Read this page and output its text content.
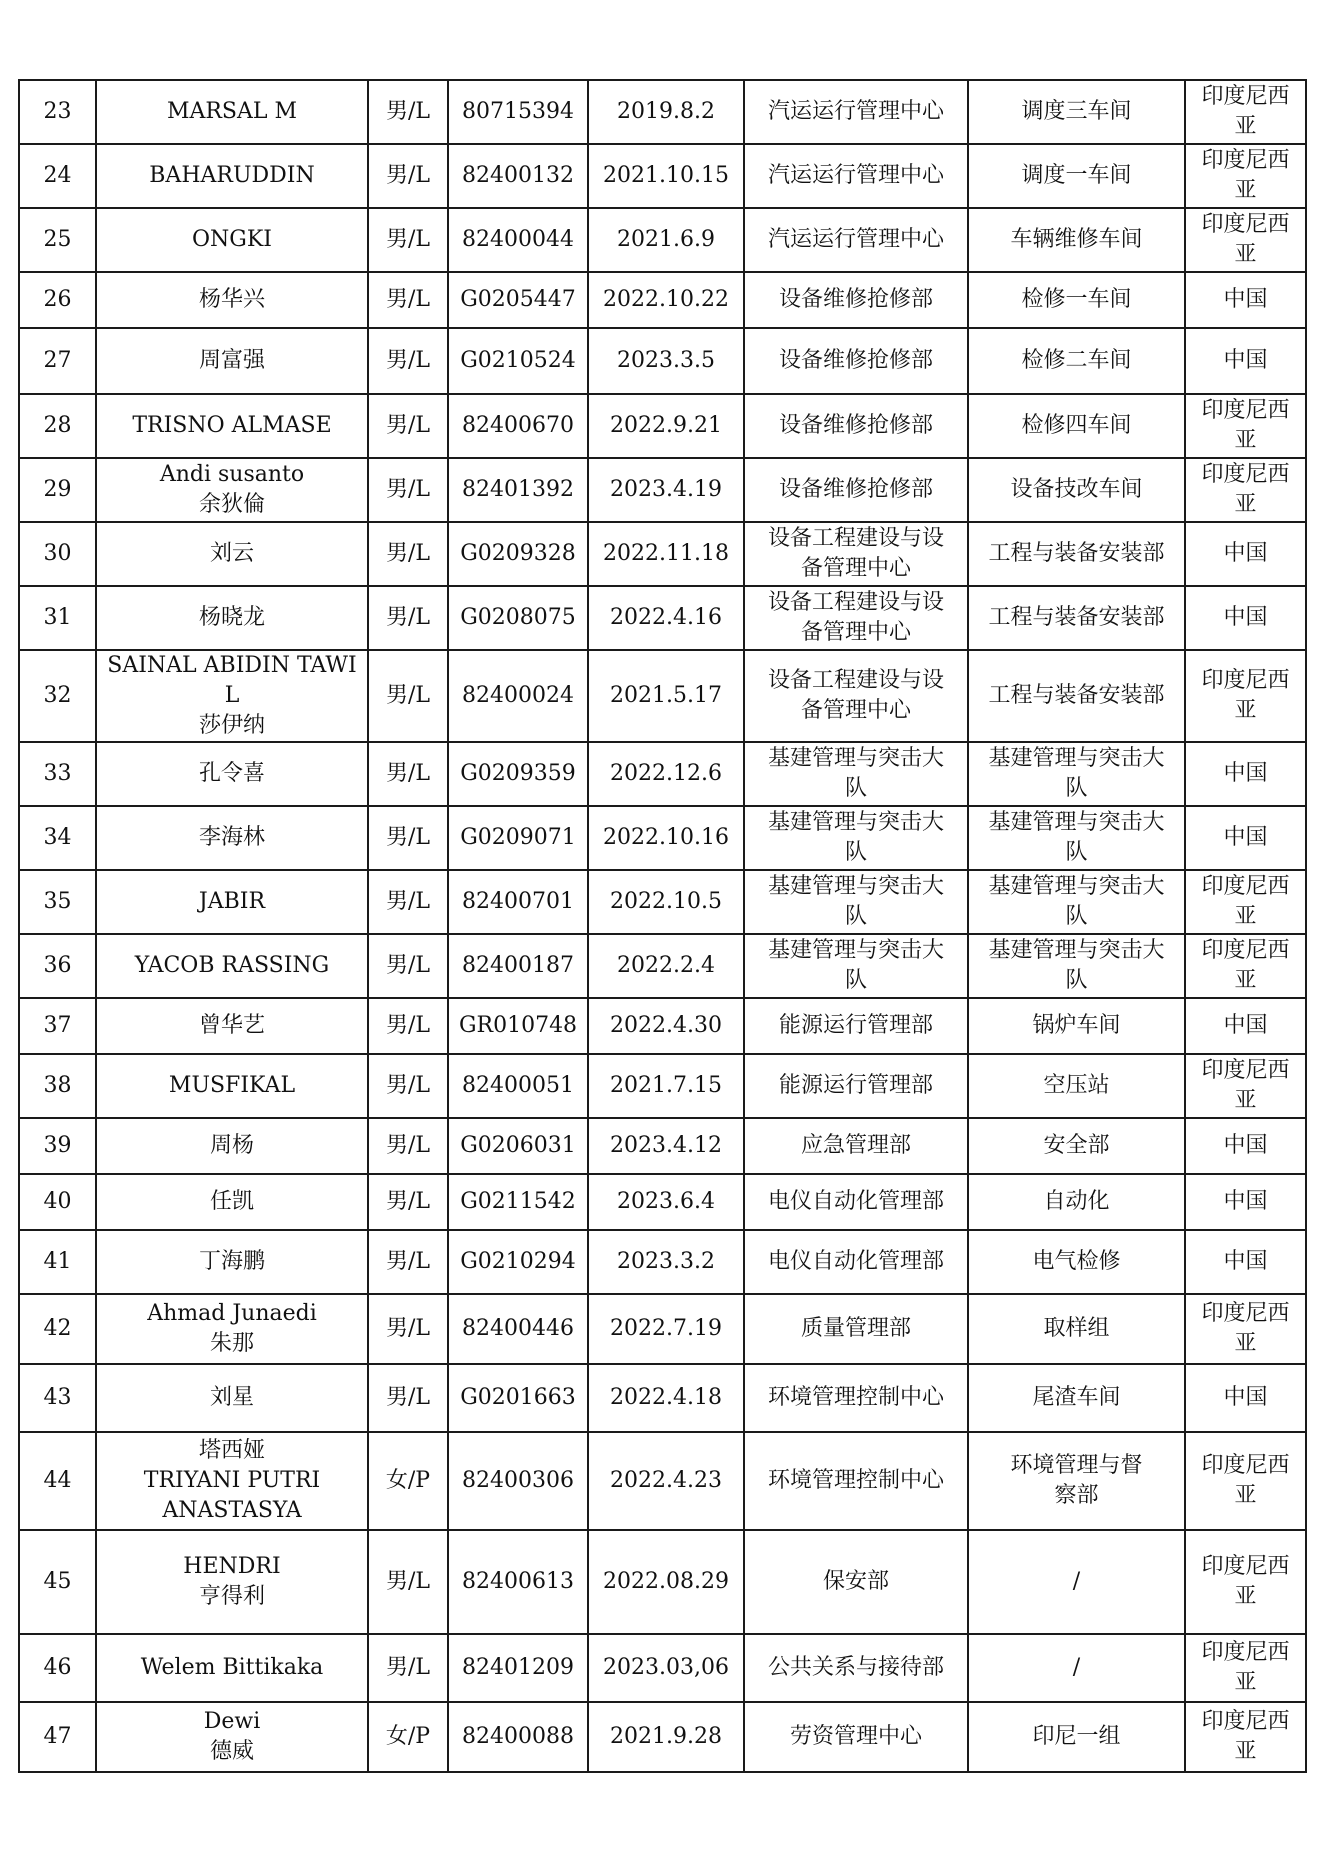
23	MARSAL M	男/L	80715394	2019.8.2	汽运运行管理中心	调度三车间	印度尼西
亚

24	BAHARUDDIN	男/L	82400132	2021.10.15	汽运运行管理中心	调度一车间	印度尼西
亚

25	ONGKI	男/L	82400044	2021.6.9	汽运运行管理中心	车辆维修车间	印度尼西
亚

26	杨华兴	男/L	G0205447	2022.10.22	设备维修抢修部	检修一车间	中国

27	周富强	男/L	G0210524	2023.3.5	设备维修抢修部	检修二车间	中国

28	TRISNO ALMASE	男/L	82400670	2022.9.21	设备维修抢修部	检修四车间	印度尼西
亚

29	Andi susanto
余狄倫	男/L	82401392	2023.4.19	设备维修抢修部	设备技改车间	印度尼西
亚

30	刘云	男/L	G0209328	2022.11.18	设备工程建设与设
备管理中心	工程与装备安装部	中国

31	杨晓龙	男/L	G0208075	2022.4.16	设备工程建设与设
备管理中心	工程与装备安装部	中国

32	SAINAL ABIDIN TAWIL
莎伊纳	男/L	82400024	2021.5.17	设备工程建设与设
备管理中心	工程与装备安装部	印度尼西
亚

33	孔令喜	男/L	G0209359	2022.12.6	基建管理与突击大
队	基建管理与突击大
队	中国

34	李海林	男/L	G0209071	2022.10.16	基建管理与突击大
队	基建管理与突击大
队	中国

35	JABIR	男/L	82400701	2022.10.5	基建管理与突击大
队	基建管理与突击大
队	印度尼西
亚

36	YACOB RASSING	男/L	82400187	2022.2.4	基建管理与突击大
队	基建管理与突击大
队	印度尼西
亚

37	曾华艺	男/L	GR010748	2022.4.30	能源运行管理部	锅炉车间	中国

38	MUSFIKAL	男/L	82400051	2021.7.15	能源运行管理部	空压站	印度尼西
亚

39	周杨	男/L	G0206031	2023.4.12	应急管理部	安全部	中国

40	任凯	男/L	G0211542	2023.6.4	电仪自动化管理部	自动化	中国

41	丁海鹏	男/L	G0210294	2023.3.2	电仪自动化管理部	电气检修	中国

42	Ahmad Junaedi
朱那	男/L	82400446	2022.7.19	质量管理部	取样组	印度尼西
亚

43	刘星	男/L	G0201663	2022.4.18	环境管理控制中心	尾渣车间	中国

44	塔西娅
TRIYANI PUTRI
ANASTASYA	女/P	82400306	2022.4.23	环境管理控制中心	环境管理与督
察部	印度尼西
亚

45	HENDRI
亨得利	男/L	82400613	2022.08.29	保安部	/	印度尼西
亚

46	Welem Bittikaka	男/L	82401209	2023.03,06	公共关系与接待部	/	印度尼西
亚

47	Dewi
德威	女/P	82400088	2021.9.28	劳资管理中心	印尼一组	印度尼西
亚
